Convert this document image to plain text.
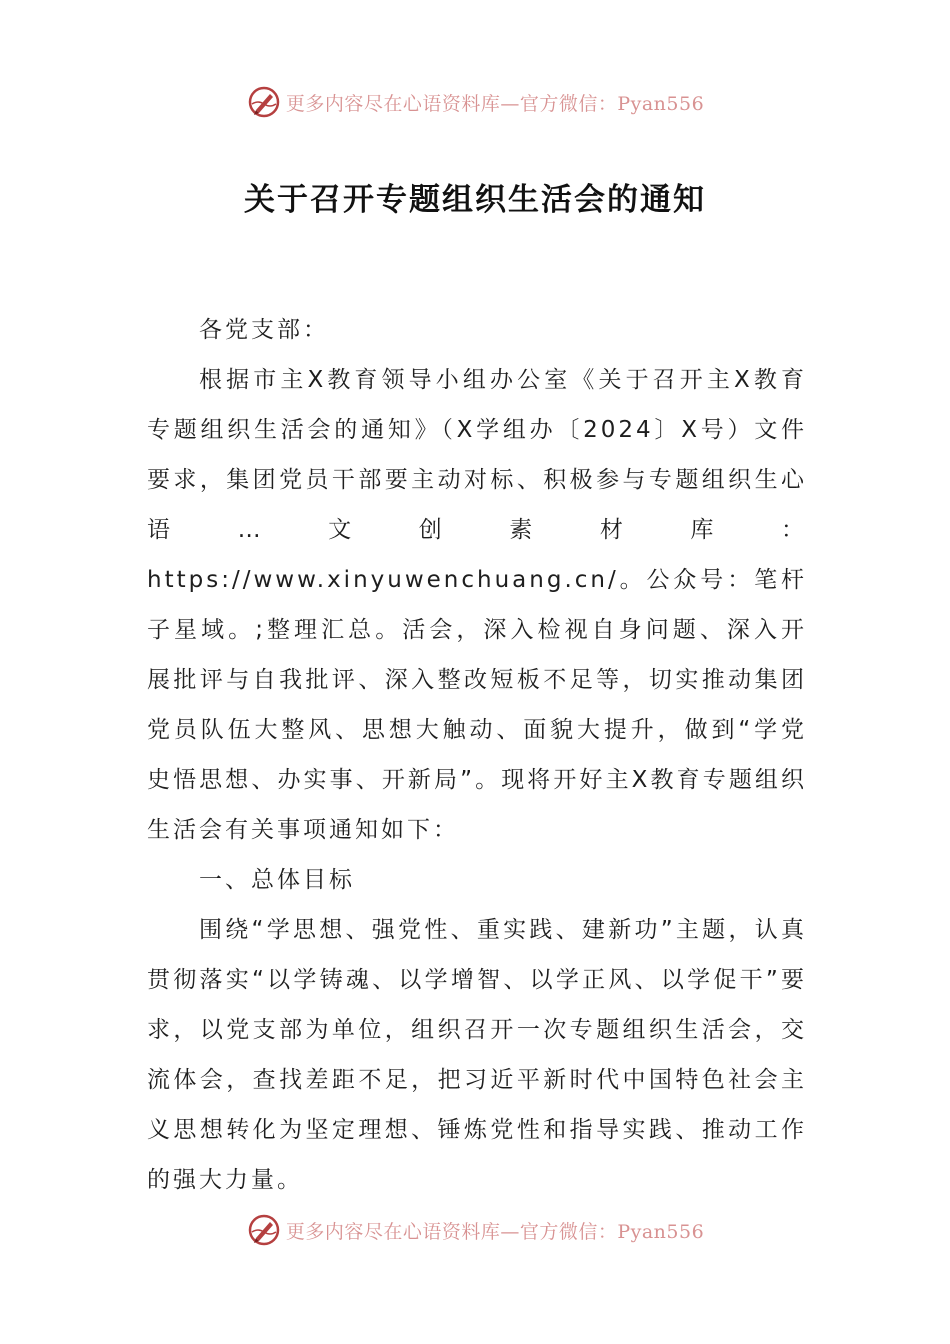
更多内容尽在心语资料库—官方微信：Pyan556
关于召开专题组织生活会的通知

各党支部：

根据市主X教育领导小组办公室《关于召开主X教育专题组织生活会的通知》（X学组办〔2024〕X号）文件要求，集团党员干部要主动对标、积极参与专题组织生心语…文创素材库：https://www.xinyuwenchuang.cn/。公众号：笔杆子星域。;整理汇总。活会，深入检视自身问题、深入开展批评与自我批评、深入整改短板不足等，切实推动集团党员队伍大整风、思想大触动、面貌大提升，做到“学党史悟思想、办实事、开新局”。现将开好主X教育专题组织生活会有关事项通知如下：

一、总体目标

围绕“学思想、强党性、重实践、建新功”主题，认真贯彻落实“以学铸魂、以学增智、以学正风、以学促干”要求，以党支部为单位，组织召开一次专题组织生活会，交流体会，查找差距不足，把习近平新时代中国特色社会主义思想转化为坚定理想、锤炼党性和指导实践、推动工作的强大力量。

更多内容尽在心语资料库—官方微信：Pyan556
